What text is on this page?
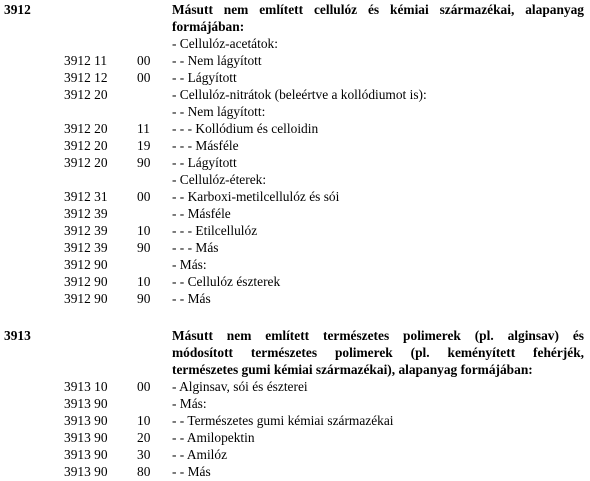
3912	Másutt nem említett cellulóz és kémiai származékai, alapanyag
formájában:
- Cellulóz-acetátok:
3912 11 00 - - Nem lágyított
3912 12 00 - - Lágyított
3912 20	- Cellulóz-nitrátok (beleértve a kollódiumot is):
- - Nem lágyított:
3912 20 11 - - - Kollódium és celloidin
3912 20 19 - - - Másféle
3912 20 90 - - Lágyított
- Cellulóz-éterek:
3912 31 00 - - Karboxi-metilcellulóz és sói
3912 39	- - Másféle
3912 39 10 - - - Etilcellulóz
3912 39 90 - - - Más
3912 90	- Más:
3912 90 10 - - Cellulóz észterek
3912 90 90 - - Más
3913	Másutt nem említett természetes polimerek (pl. alginsav) és
módosított természetes polimerek (pl. keményített fehérjék,
természetes gumi kémiai származékai), alapanyag formájában:
3913 10 00 - Alginsav, sói és észterei
3913 90	- Más:
3913 90 10 - - Természetes gumi kémiai származékai
3913 90 20 - - Amilopektin
3913 90 30 - - Amilóz
3913 90 80 - - Más
